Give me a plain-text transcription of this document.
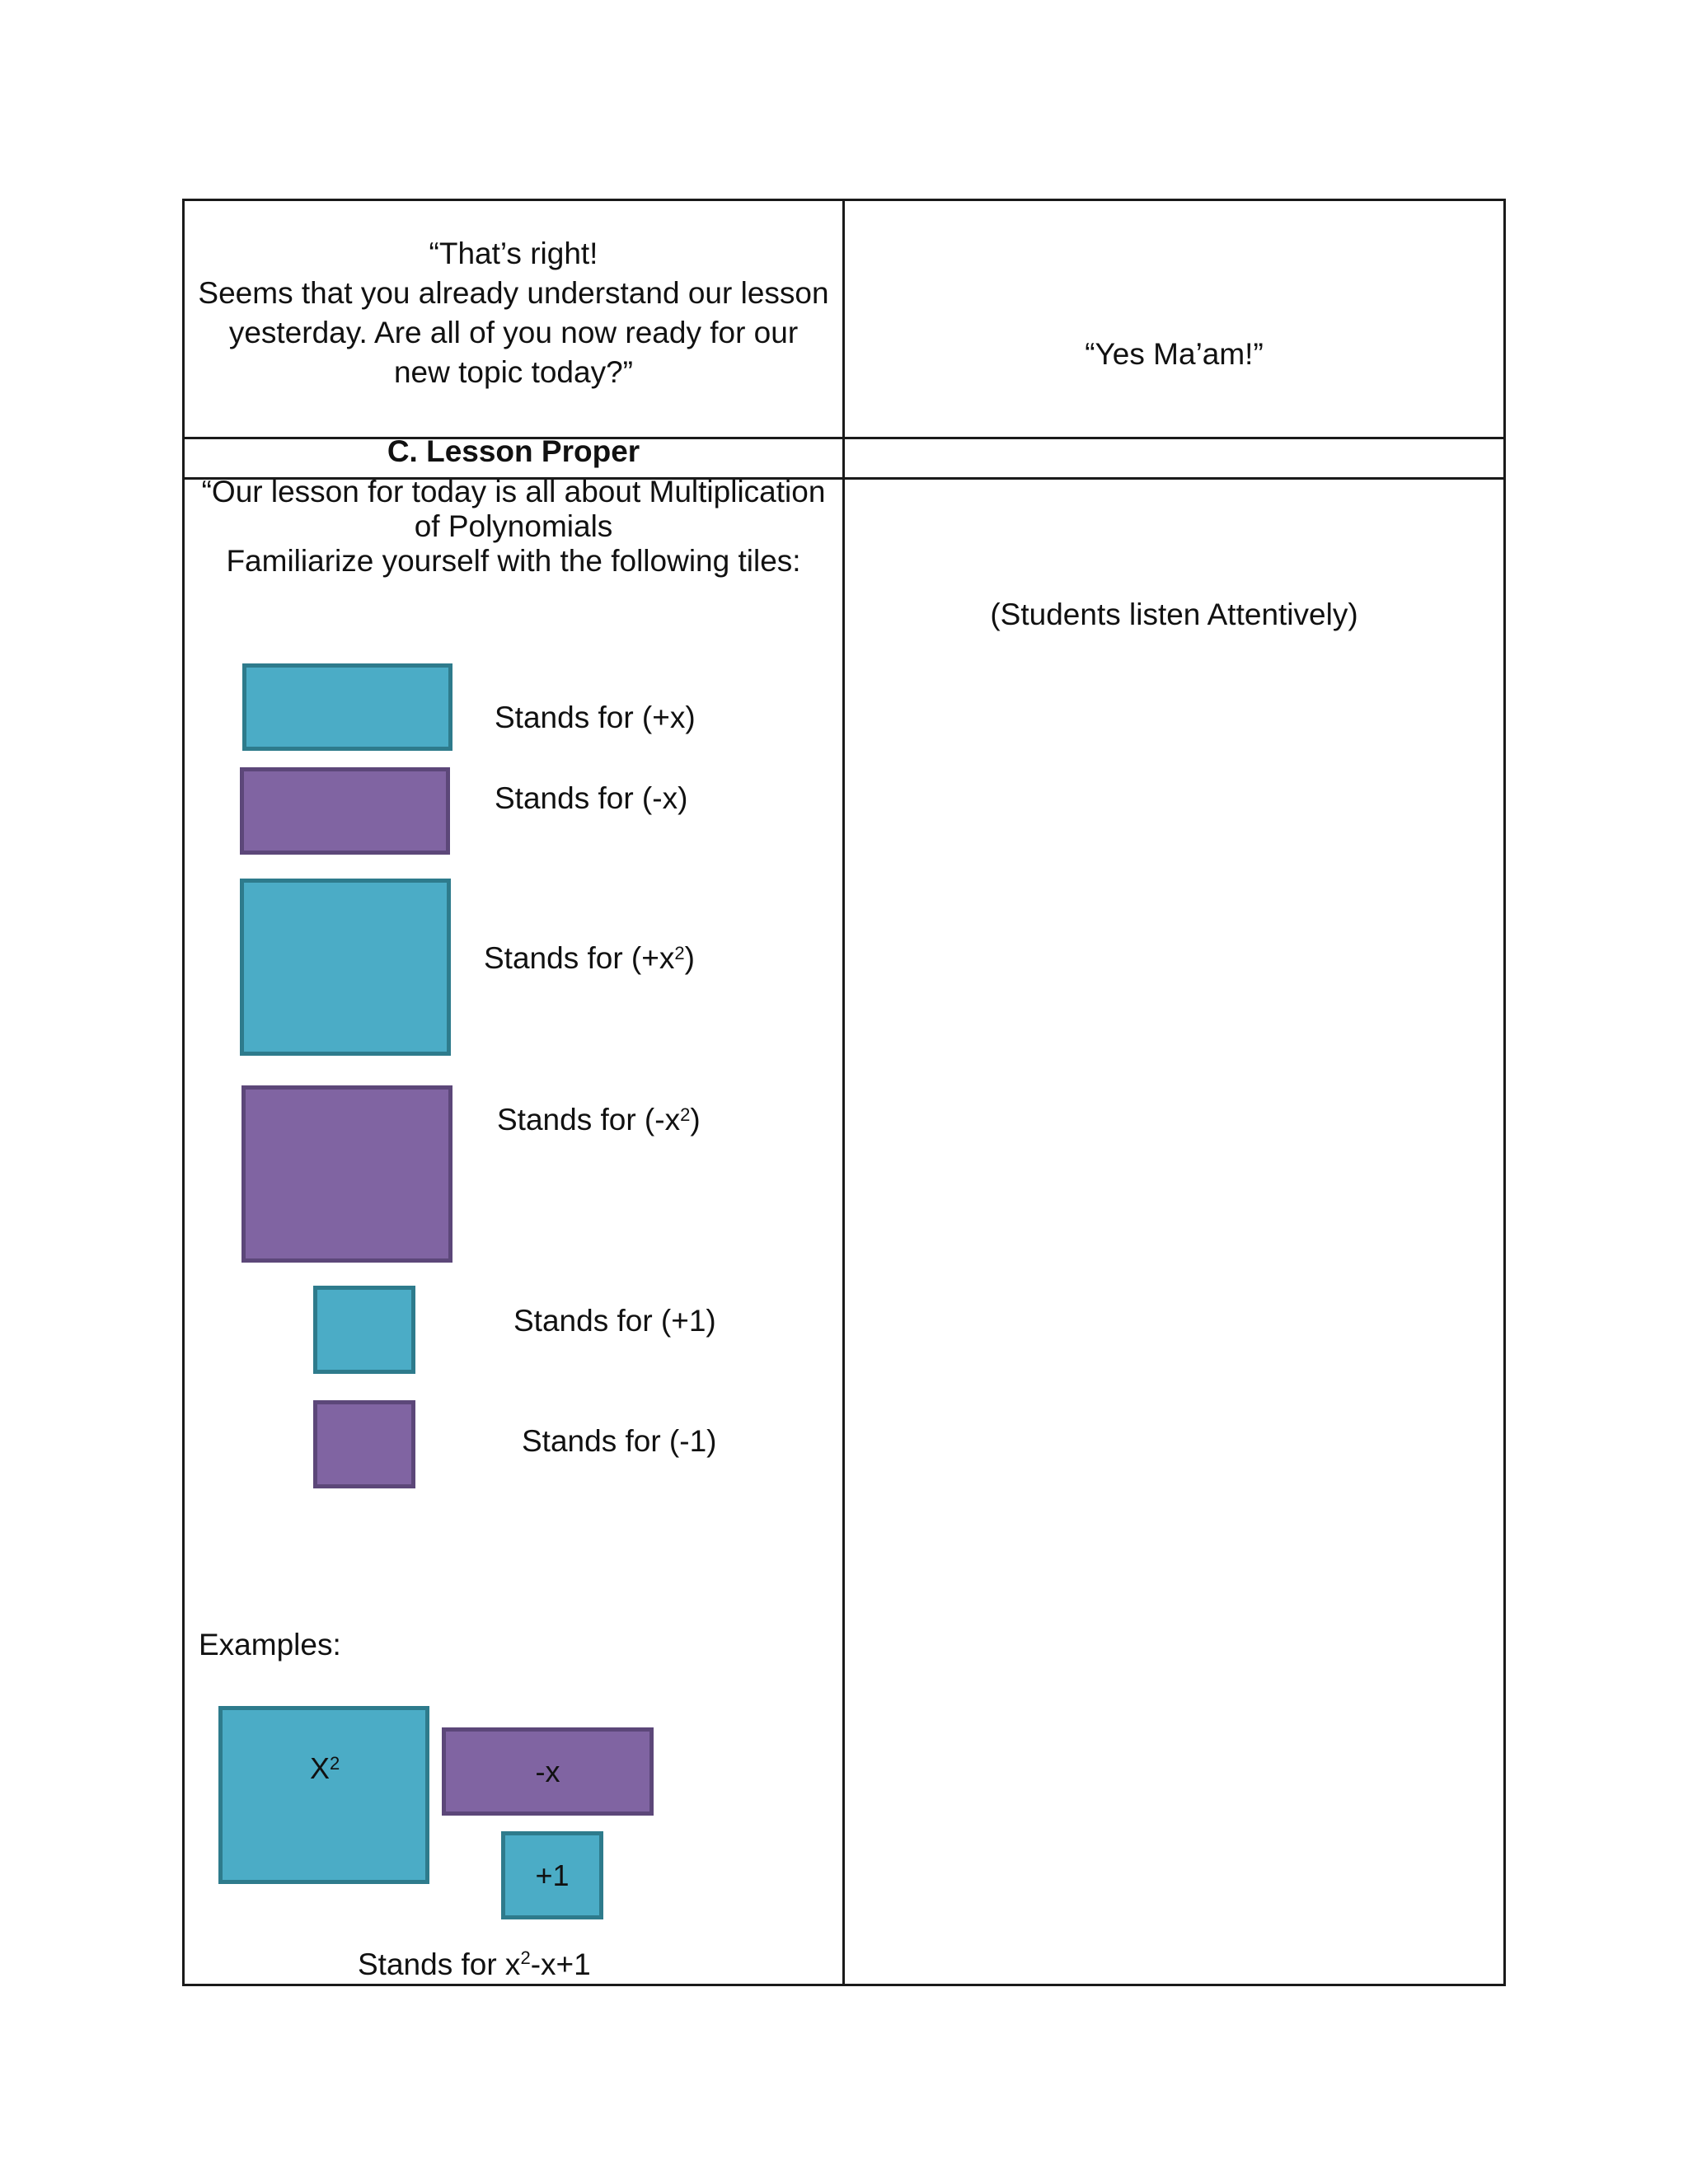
“That’s right!
Seems that you already understand our lesson
yesterday. Are all of you now ready for our
new topic today?”
“Yes Ma’am!”
C. Lesson Proper
“Our lesson for today is all about Multiplication
of Polynomials
Familiarize yourself with the following tiles:
(Students listen Attentively)
Stands for (+x)
Stands for (-x)
Stands for $(+x^2)$
Stands for $(-x^2)$
Stands for (+1)
Stands for (-1)
Examples:
$X^2$	-x
+1
Stands for $x^2-x+1$
